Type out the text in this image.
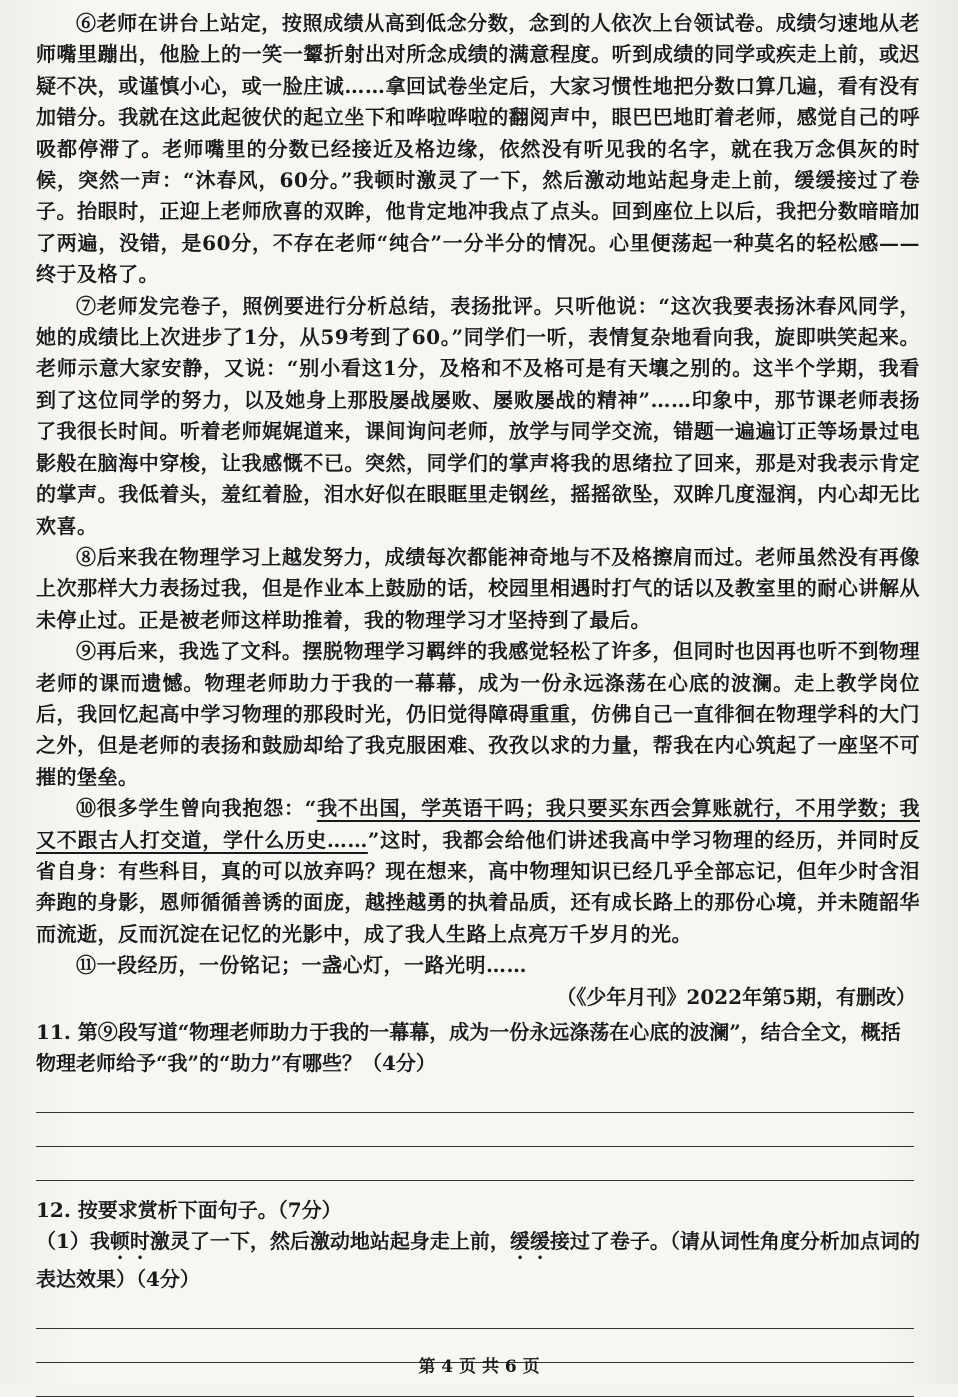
⑥老师在讲台上站定，按照成绩从高到低念分数，念到的人依次上台领试卷。成绩匀速地从老师嘴里蹦出，他脸上的一笑一颦折射出对所念成绩的满意程度。听到成绩的同学或疾走上前，或迟疑不决，或谨慎小心，或一脸庄诚……拿回试卷坐定后，大家习惯性地把分数口算几遍，看有没有加错分。我就在这此起彼伏的起立坐下和哗啦哗啦的翻阅声中，眼巴巴地盯着老师，感觉自己的呼吸都停滞了。老师嘴里的分数已经接近及格边缘，依然没有听见我的名字，就在我万念俱灰的时候，突然一声：“沐春风，60分。”我顿时激灵了一下，然后激动地站起身走上前，缓缓接过了卷子。抬眼时，正迎上老师欣喜的双眸，他肯定地冲我点了点头。回到座位上以后，我把分数暗暗加了两遍，没错，是60分，不存在老师“纯合”一分半分的情况。心里便荡起一种莫名的轻松感——终于及格了。

⑦老师发完卷子，照例要进行分析总结，表扬批评。只听他说：“这次我要表扬沐春风同学，她的成绩比上次进步了1分，从59考到了60。”同学们一听，表情复杂地看向我，旋即哄笑起来。老师示意大家安静，又说：“别小看这1分，及格和不及格可是有天壤之别的。这半个学期，我看到了这位同学的努力，以及她身上那股屡战屡败、屡败屡战的精神”……印象中，那节课老师表扬了我很长时间。听着老师娓娓道来，课间询问老师，放学与同学交流，错题一遍遍订正等场景过电影般在脑海中穿梭，让我感慨不已。突然，同学们的掌声将我的思绪拉了回来，那是对我表示肯定的掌声。我低着头，羞红着脸，泪水好似在眼眶里走钢丝，摇摇欲坠，双眸几度湿润，内心却无比欢喜。

⑧后来我在物理学习上越发努力，成绩每次都能神奇地与不及格擦肩而过。老师虽然没有再像上次那样大力表扬过我，但是作业本上鼓励的话，校园里相遇时打气的话以及教室里的耐心讲解从未停止过。正是被老师这样助推着，我的物理学习才坚持到了最后。

⑨再后来，我选了文科。摆脱物理学习羁绊的我感觉轻松了许多，但同时也因再也听不到物理老师的课而遗憾。物理老师助力于我的一幕幕，成为一份永远涤荡在心底的波澜。走上教学岗位后，我回忆起高中学习物理的那段时光，仍旧觉得障碍重重，仿佛自己一直徘徊在物理学科的大门之外，但是老师的表扬和鼓励却给了我克服困难、孜孜以求的力量，帮我在内心筑起了一座坚不可摧的堡垒。

⑩很多学生曾向我抱怨：“我不出国，学英语干吗；我只要买东西会算账就行，不用学数；我又不跟古人打交道，学什么历史……”这时，我都会给他们讲述我高中学习物理的经历，并同时反省自身：有些科目，真的可以放弃吗？现在想来，高中物理知识已经几乎全部忘记，但年少时含泪奔跑的身影，恩师循循善诱的面庞，越挫越勇的执着品质，还有成长路上的那份心境，并未随韶华而流逝，反而沉淀在记忆的光影中，成了我人生路上点亮万千岁月的光。

⑪一段经历，一份铭记；一盏心灯，一路光明……

（《少年月刊》2022年第5期，有删改）

11. 第⑨段写道“物理老师助力于我的一幕幕，成为一份永远涤荡在心底的波澜”，结合全文，概括物理老师给予“我”的“助力”有哪些？（4分）

12. 按要求赏析下面句子。（7分）

（1）我顿时激灵了一下，然后激动地站起身走上前，缓缓接过了卷子。（请从词性角度分析加点词的表达效果）（4分）

第 4 页 共 6 页
